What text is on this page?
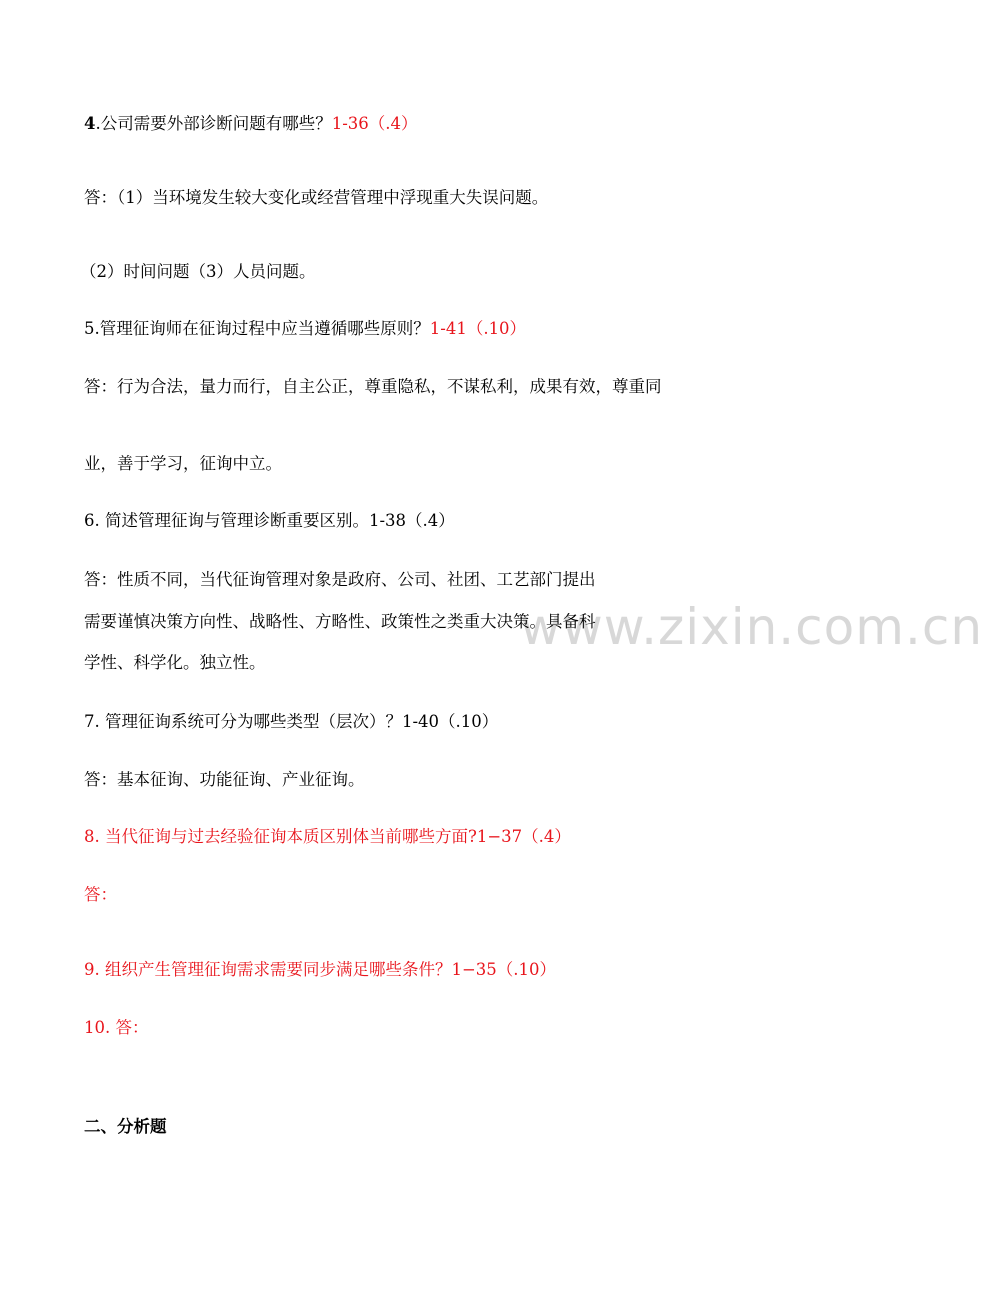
www.zixin.com.cn
4.公司需要外部诊断问题有哪些？1-36（.4）
答：（1）当环境发生较大变化或经营管理中浮现重大失误问题。
（2）时间问题（3）人员问题。
5.管理征询师在征询过程中应当遵循哪些原则？1-41（.10）
答：行为合法，量力而行，自主公正，尊重隐私，不谋私利，成果有效，尊重同
业，善于学习，征询中立。
6. 简述管理征询与管理诊断重要区别。1-38（.4）
答：性质不同，当代征询管理对象是政府、公司、社团、工艺部门提出
需要谨慎决策方向性、战略性、方略性、政策性之类重大决策。具备科
学性、科学化。独立性。
7. 管理征询系统可分为哪些类型（层次）？1-40（.10）
答：基本征询、功能征询、产业征询。
8. 当代征询与过去经验征询本质区别体当前哪些方面?1−37（.4）
答：
9. 组织产生管理征询需求需要同步满足哪些条件？1−35（.10）
10. 答：
二、分析题
